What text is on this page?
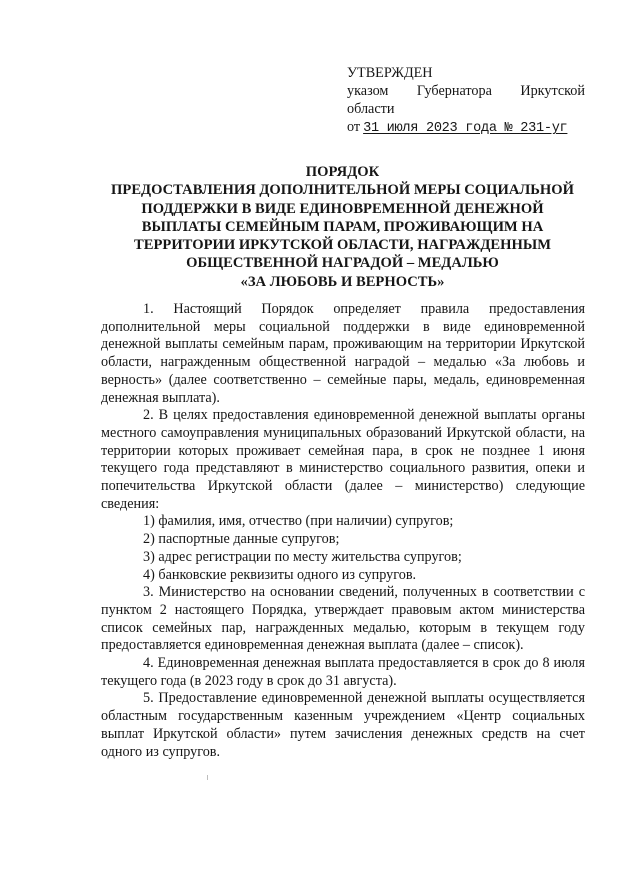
УТВЕРЖДЕН
указом Губернатора Иркутской
области
от 31 июля 2023 года № 231-уг
ПОРЯДОК
ПРЕДОСТАВЛЕНИЯ ДОПОЛНИТЕЛЬНОЙ МЕРЫ СОЦИАЛЬНОЙ
ПОДДЕРЖКИ В ВИДЕ ЕДИНОВРЕМЕННОЙ ДЕНЕЖНОЙ
ВЫПЛАТЫ СЕМЕЙНЫМ ПАРАМ, ПРОЖИВАЮЩИМ НА
ТЕРРИТОРИИ ИРКУТСКОЙ ОБЛАСТИ, НАГРАЖДЕННЫМ
ОБЩЕСТВЕННОЙ НАГРАДОЙ – МЕДАЛЬЮ
«ЗА ЛЮБОВЬ И ВЕРНОСТЬ»

1. Настоящий Порядок определяет правила предоставления дополнительной меры социальной поддержки в виде единовременной денежной выплаты семейным парам, проживающим на территории Иркутской области, награжденным общественной наградой – медалью «За любовь и верность» (далее соответственно – семейные пары, медаль, единовременная денежная выплата).

2. В целях предоставления единовременной денежной выплаты органы местного самоуправления муниципальных образований Иркутской области, на территории которых проживает семейная пара, в срок не позднее 1 июня текущего года представляют в министерство социального развития, опеки и попечительства Иркутской области (далее – министерство) следующие сведения:

1) фамилия, имя, отчество (при наличии) супругов;

2) паспортные данные супругов;

3) адрес регистрации по месту жительства супругов;

4) банковские реквизиты одного из супругов.

3. Министерство на основании сведений, полученных в соответствии с пунктом 2 настоящего Порядка, утверждает правовым актом министерства список семейных пар, награжденных медалью, которым в текущем году предоставляется единовременная денежная выплата (далее – список).

4. Единовременная денежная выплата предоставляется в срок до 8 июля текущего года (в 2023 году в срок до 31 августа).

5. Предоставление единовременной денежной выплаты осуществляется областным государственным казенным учреждением «Центр социальных выплат Иркутской области» путем зачисления денежных средств на счет одного из супругов.
